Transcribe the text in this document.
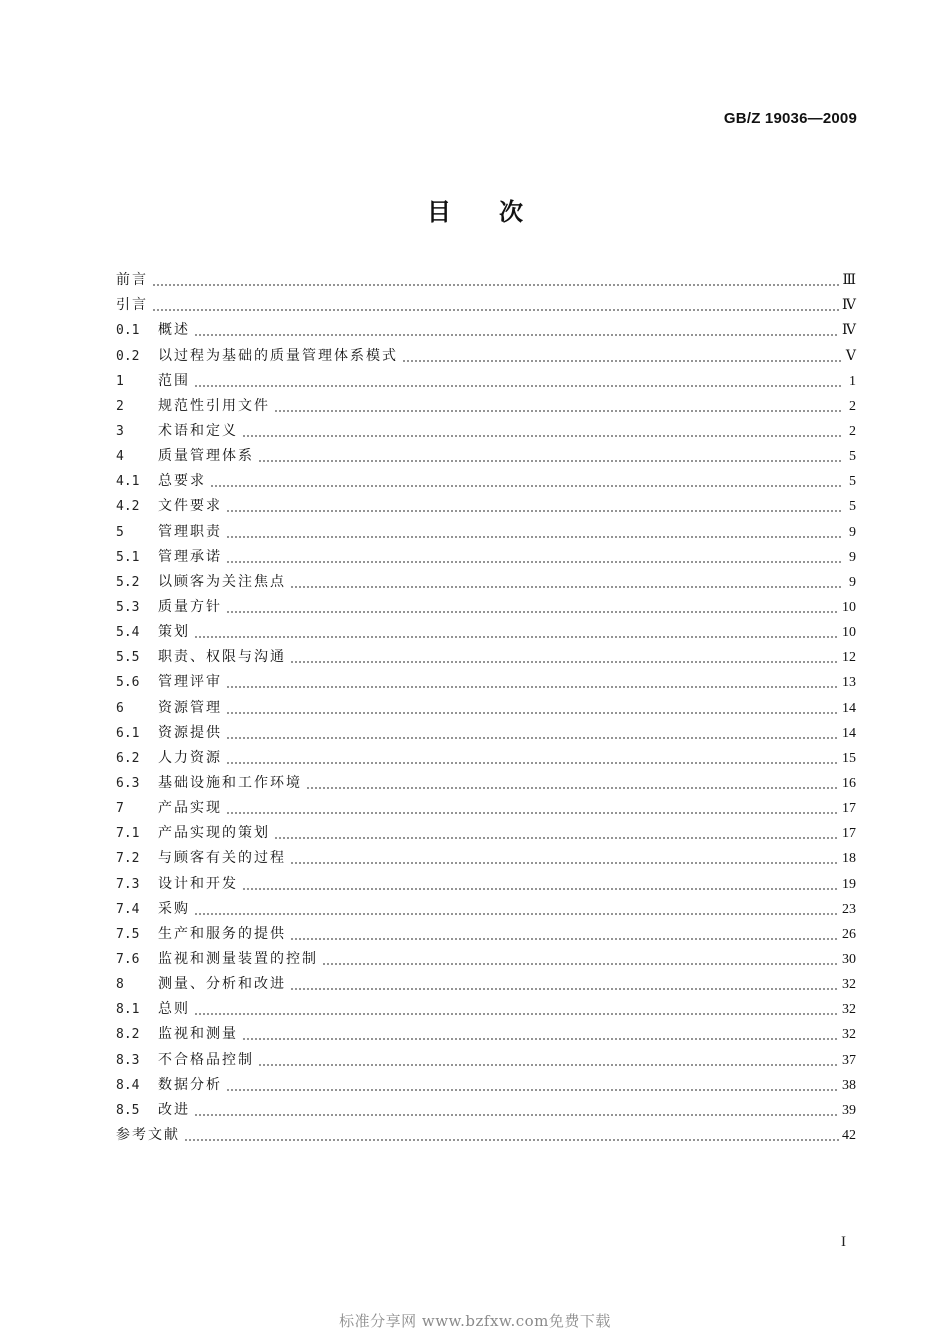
GB/Z 19036—2009
目次
前言	Ⅲ
引言	Ⅳ
0.1	概述	Ⅳ
0.2	以过程为基础的质量管理体系模式	Ⅴ
1	范围	1
2	规范性引用文件	2
3	术语和定义	2
4	质量管理体系	5
4.1	总要求	5
4.2	文件要求	5
5	管理职责	9
5.1	管理承诺	9
5.2	以顾客为关注焦点	9
5.3	质量方针	10
5.4	策划	10
5.5	职责、权限与沟通	12
5.6	管理评审	13
6	资源管理	14
6.1	资源提供	14
6.2	人力资源	15
6.3	基础设施和工作环境	16
7	产品实现	17
7.1	产品实现的策划	17
7.2	与顾客有关的过程	18
7.3	设计和开发	19
7.4	采购	23
7.5	生产和服务的提供	26
7.6	监视和测量装置的控制	30
8	测量、分析和改进	32
8.1	总则	32
8.2	监视和测量	32
8.3	不合格品控制	37
8.4	数据分析	38
8.5	改进	39
参考文献	42
I
标准分享网 www.bzfxw.com免费下载
